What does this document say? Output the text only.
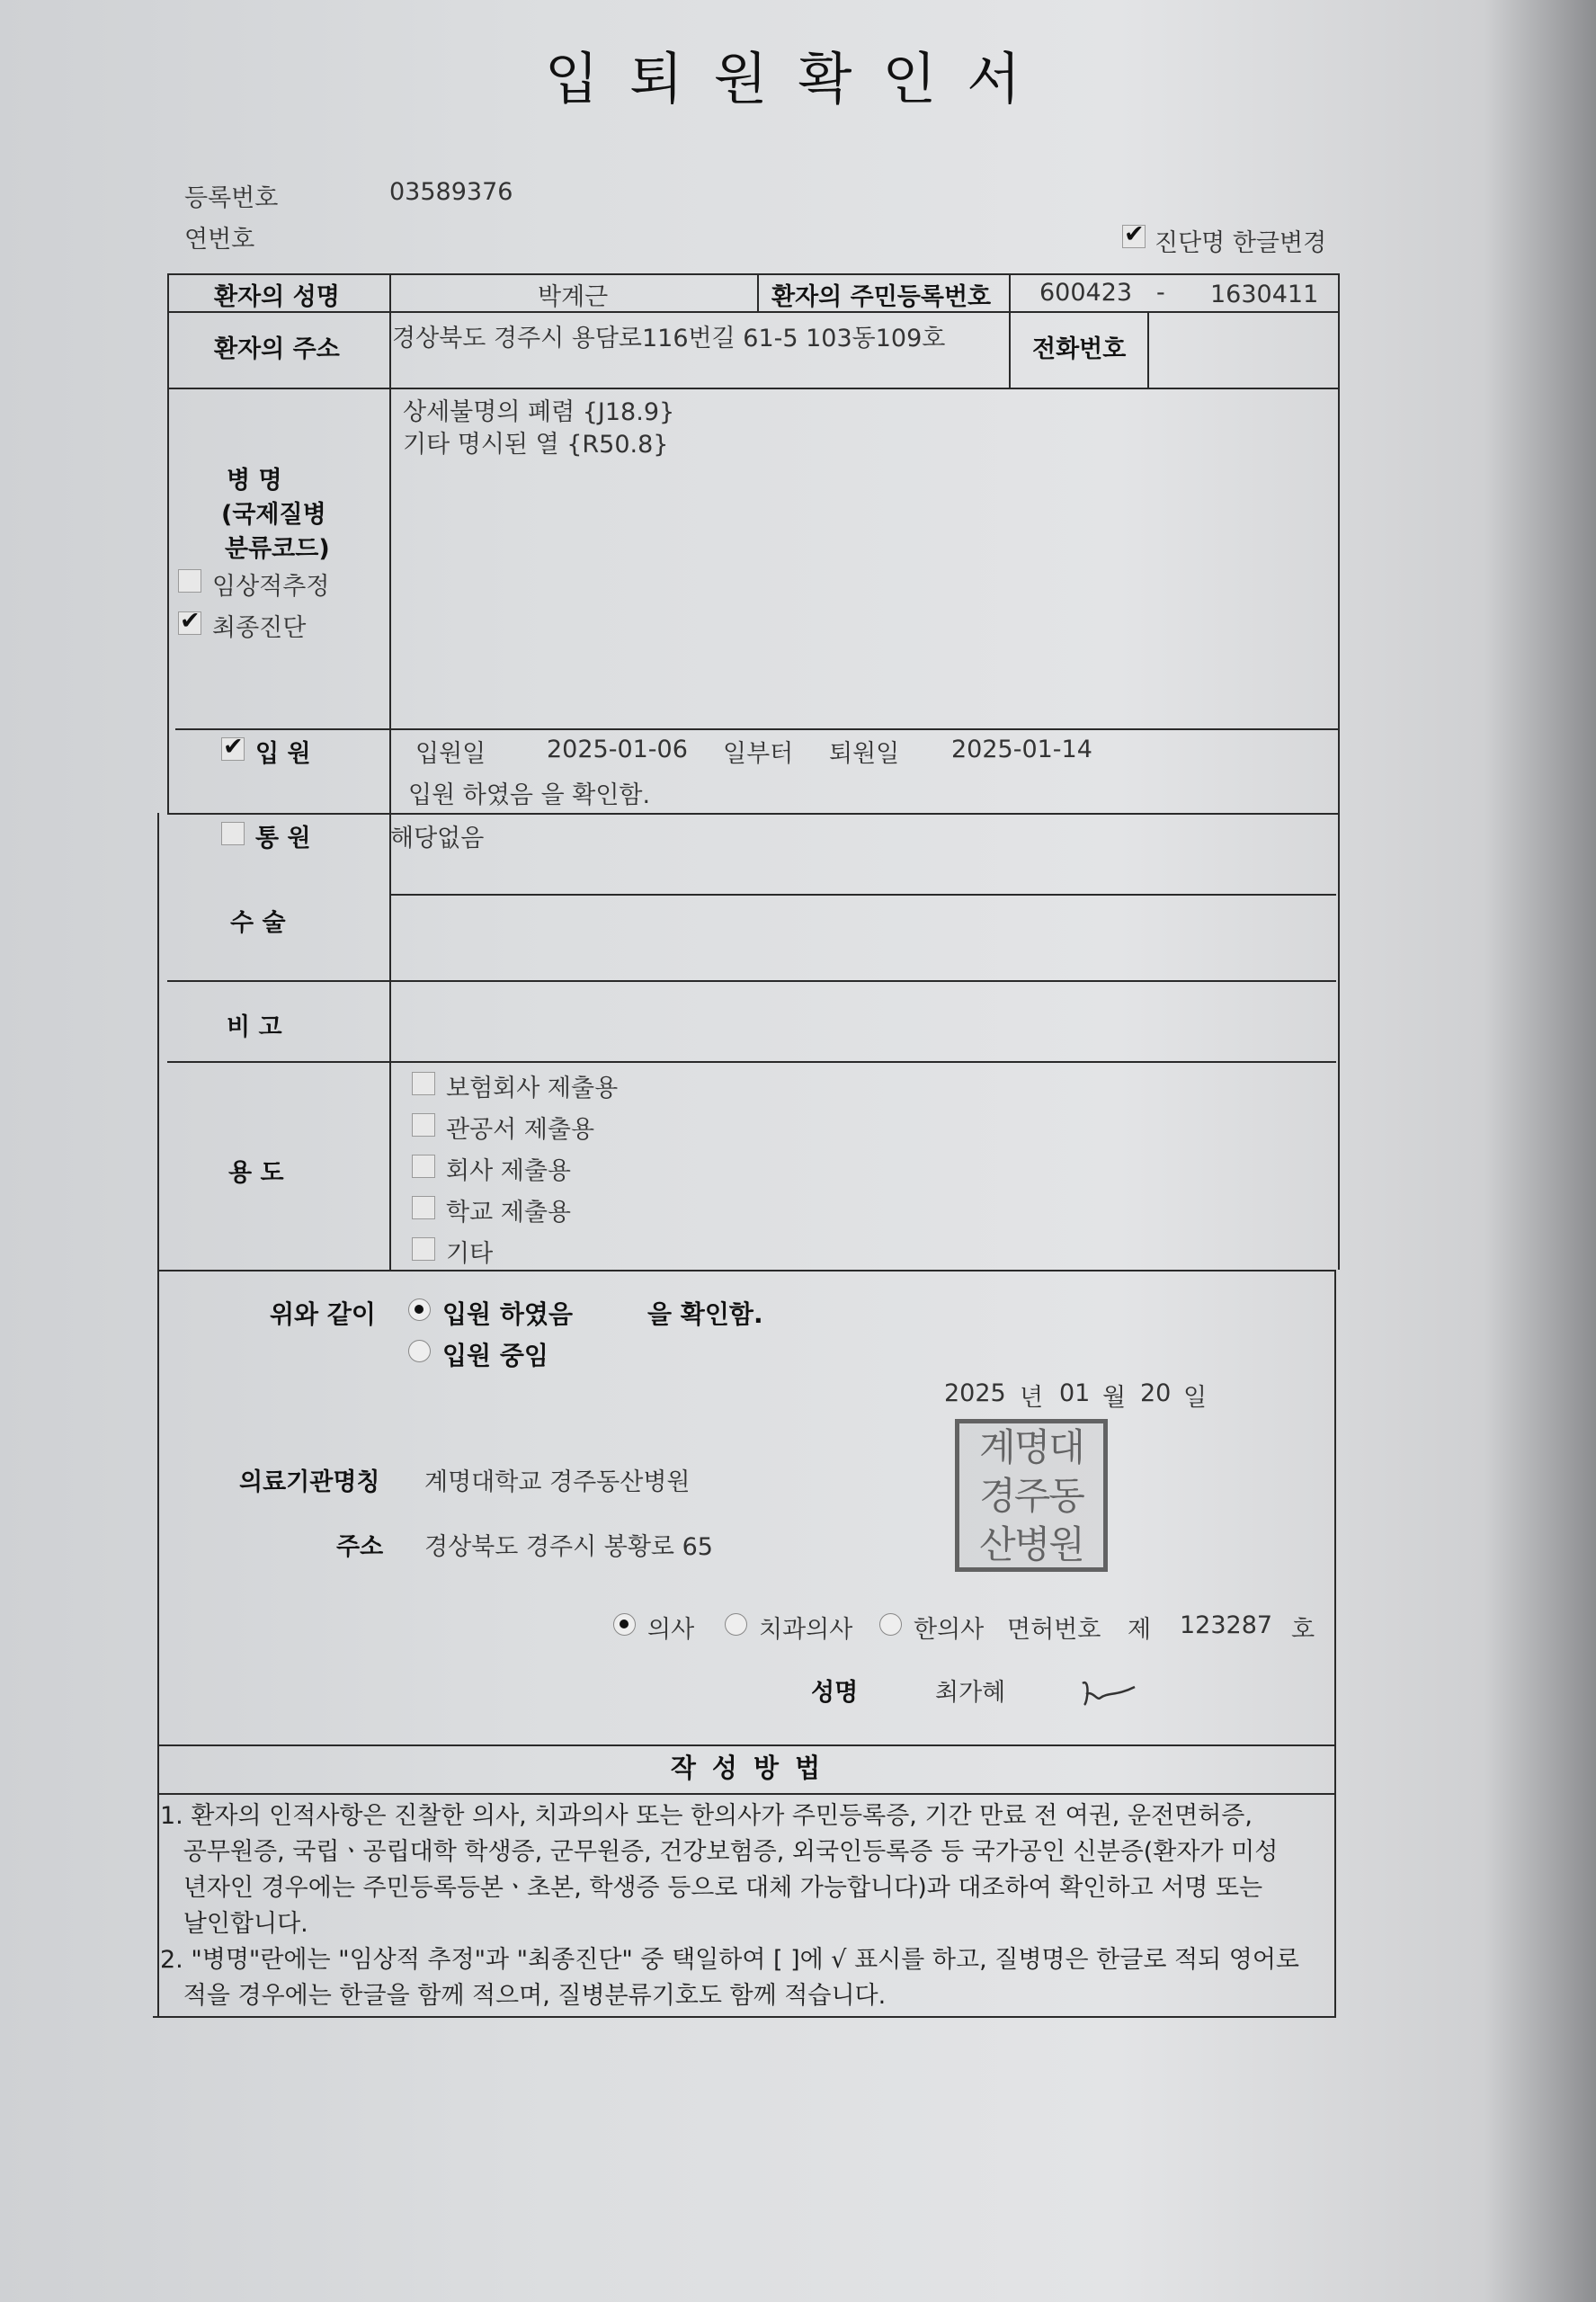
입퇴원확인서
등록번호	03589376
연번호
✔	진단명 한글변경
환자의 성명	박계근	환자의 주민등록번호 600423 - 1630411
환자의 주소 경상북도 경주시 용담로116번길 61-5 103동109호	전화번호
병 명
(국제질병
분류코드)
임상적추정
✔
최종진단
상세불명의 폐렴 {J18.9}
기타 명시된 열 {R50.8}
✔
입 원	입원일	2025-01-06 일부터 퇴원일 2025-01-14
입원 하였음 을 확인함.
통 원	해당없음
수 술
비 고
용 도
보험회사 제출용
관공서 제출용
회사 제출용
학교 제출용
기타
위와 같이	입원 하였음	을 확인함.
입원 중임
2025 년 01 월 20 일
의료기관명칭 계명대학교 경주동산병원
주소 경상북도 경주시 봉황로 65
계명대
경주동
산병원
의사	치과의사	한의사 면허번호 제 123287 호
성명	최가혜
작 성 방 법
1. 환자의 인적사항은 진찰한 의사, 치과의사 또는 한의사가 주민등록증, 기간 만료 전 여권, 운전면허증,
공무원증, 국립ㆍ공립대학 학생증, 군무원증, 건강보험증, 외국인등록증 등 국가공인 신분증(환자가 미성
년자인 경우에는 주민등록등본ㆍ초본, 학생증 등으로 대체 가능합니다)과 대조하여 확인하고 서명 또는
날인합니다.
2. "병명"란에는 "임상적 추정"과 "최종진단" 중 택일하여 [ ]에 √ 표시를 하고, 질병명은 한글로 적되 영어로
적을 경우에는 한글을 함께 적으며, 질병분류기호도 함께 적습니다.
